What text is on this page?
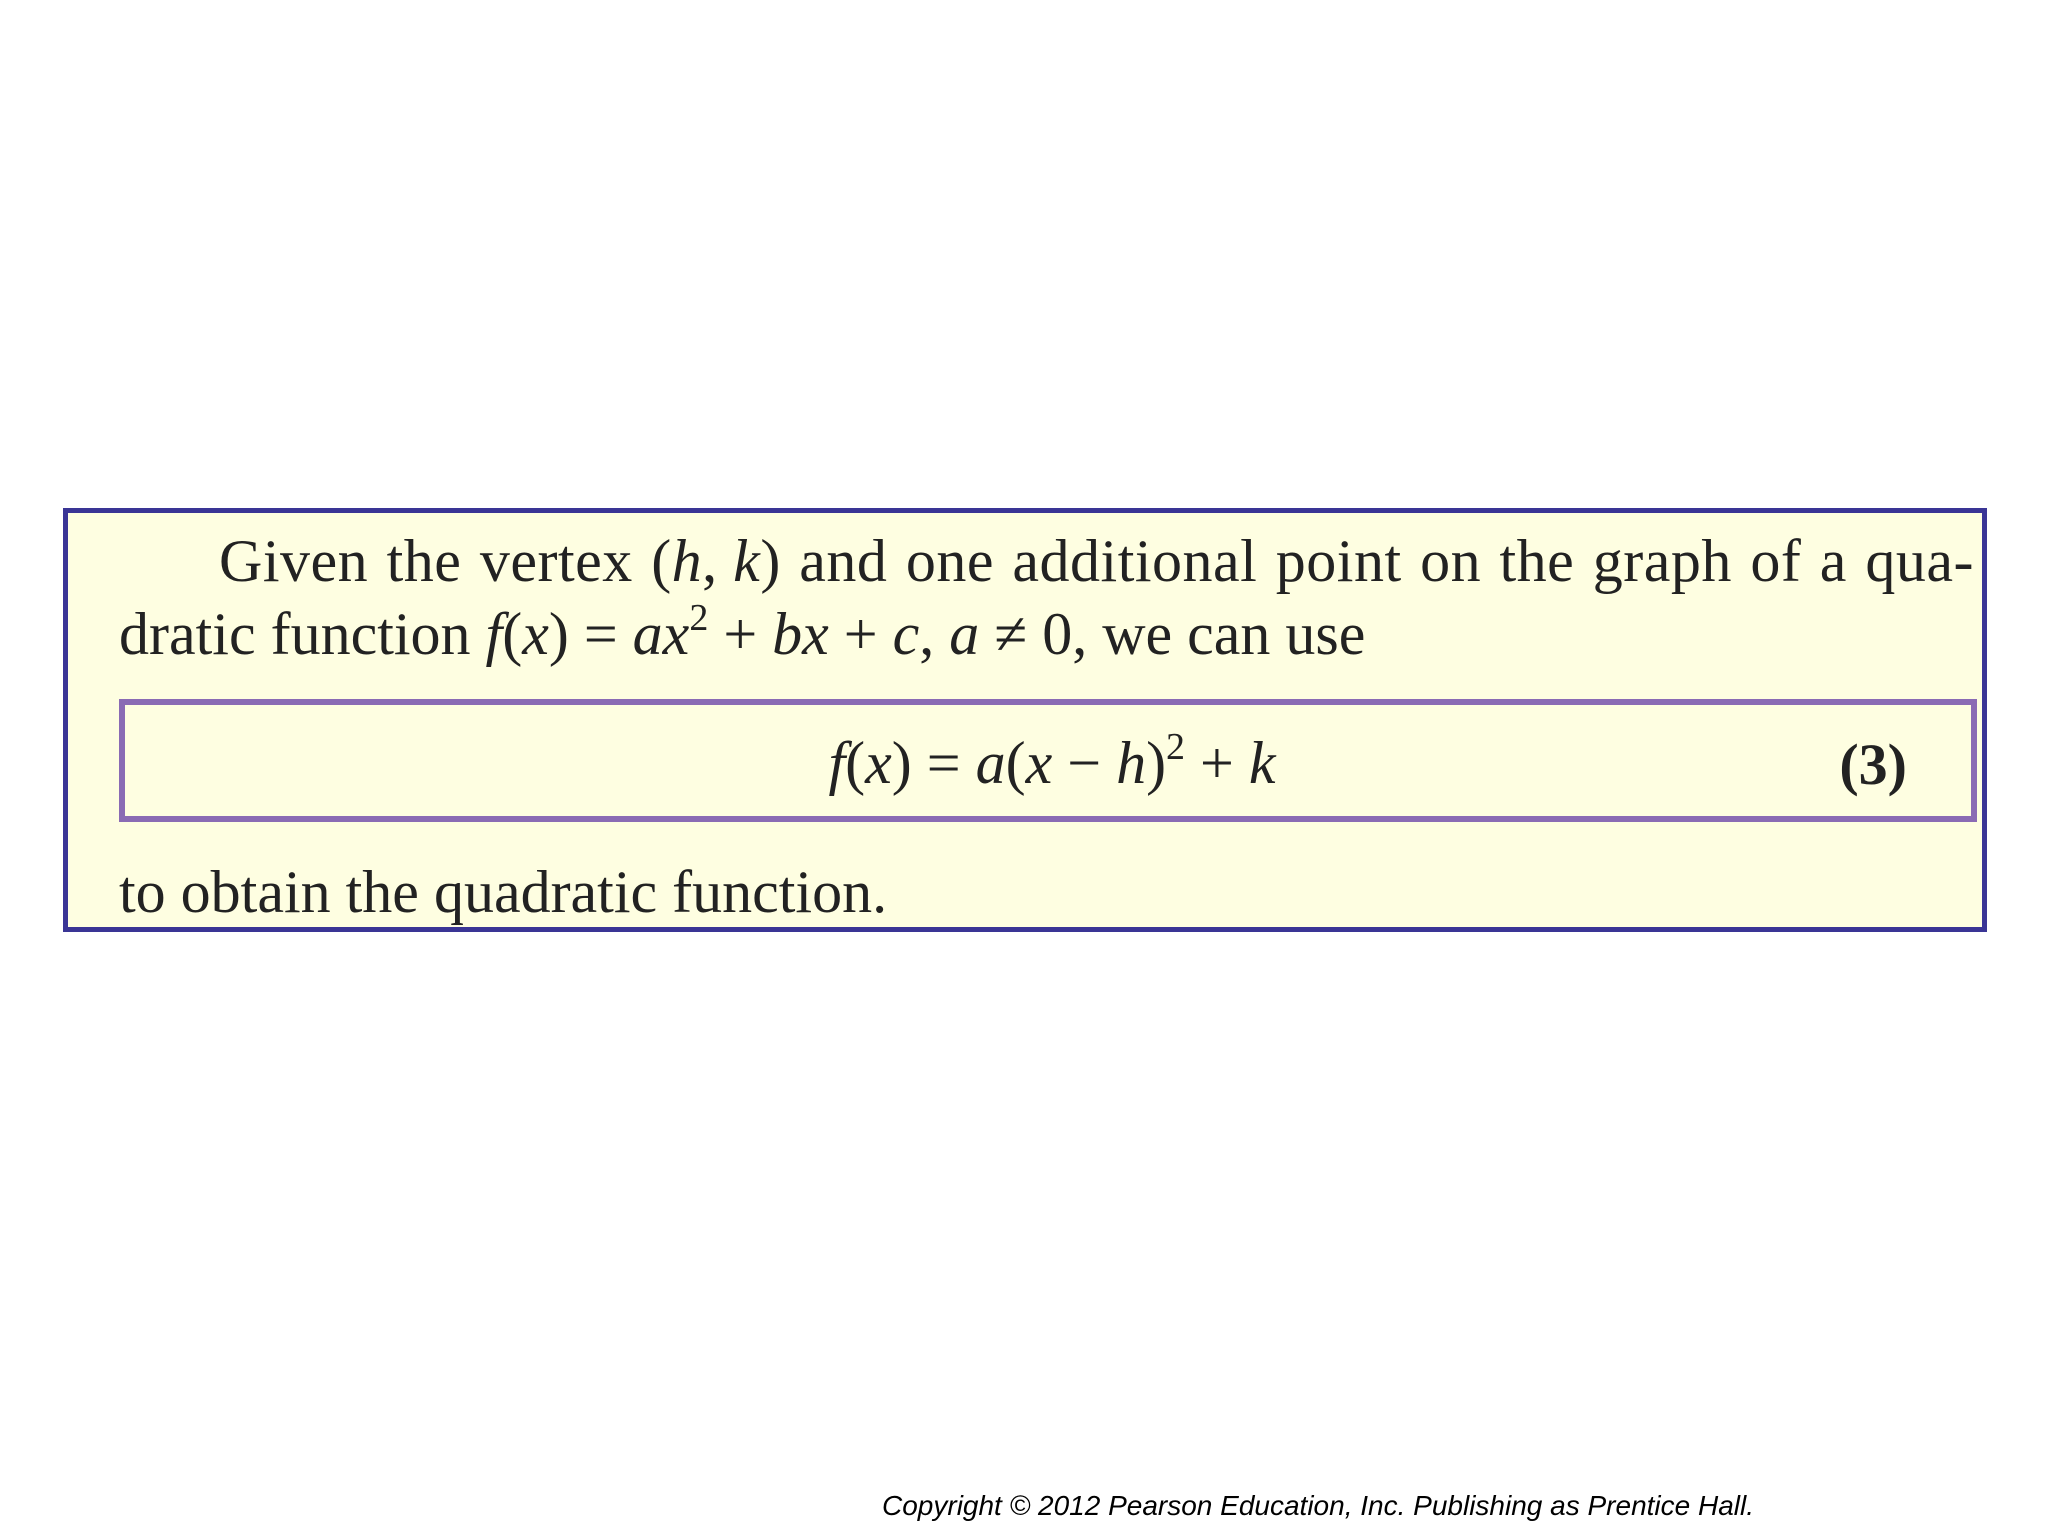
Given the vertex (h, k) and one additional point on the graph of a qua-
dratic function $f(x) = ax^2$ + bx + c, a ≠ 0, we can use
$f(x) = a(x - h)^2 + k$	(3)
to obtain the quadratic function.
Copyright © 2012 Pearson Education, Inc. Publishing as Prentice Hall.
